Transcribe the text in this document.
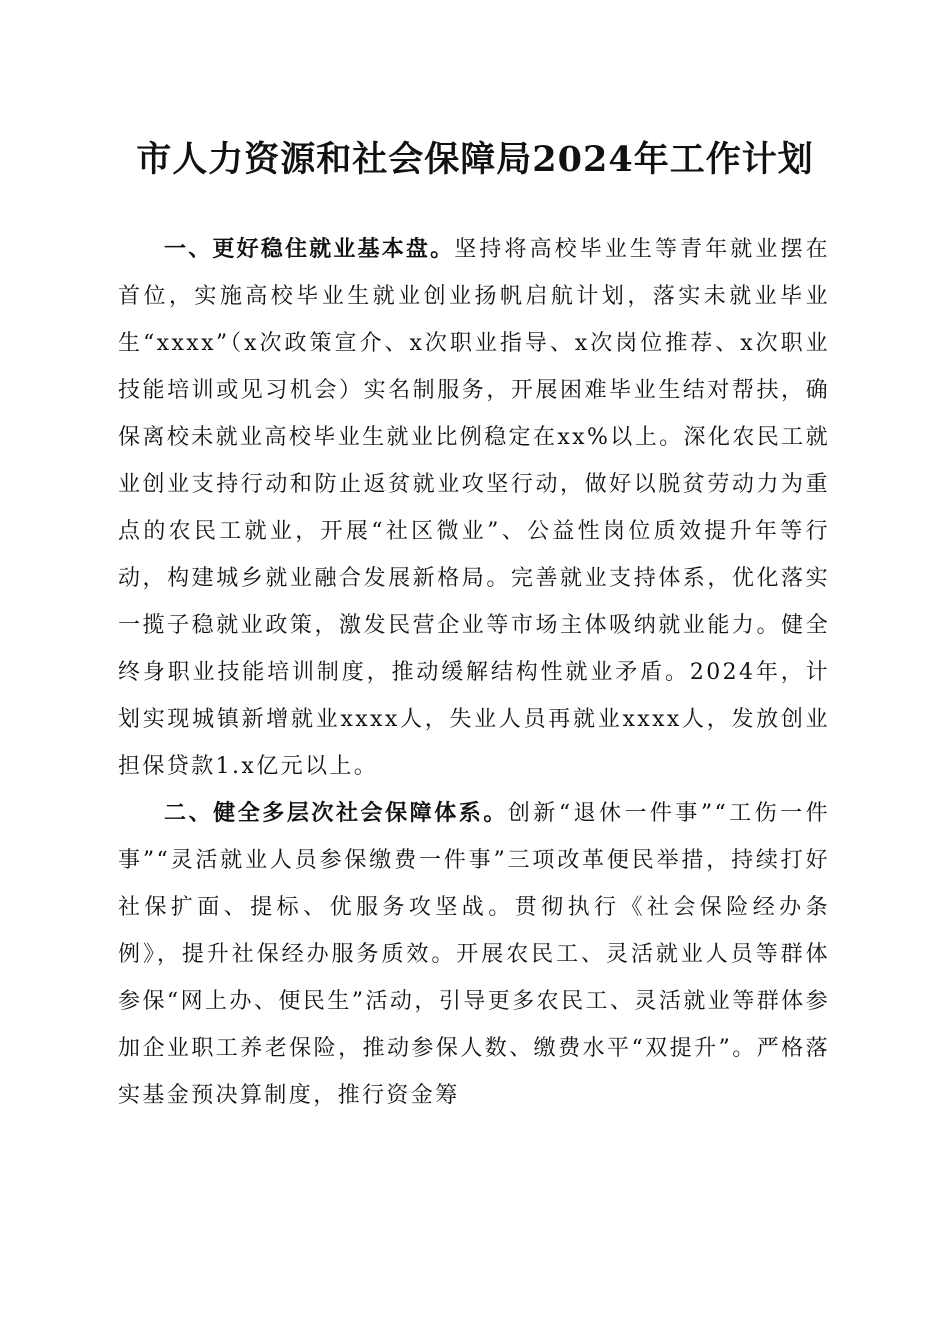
市人力资源和社会保障局2024年工作计划

一、更好稳住就业基本盘。坚持将高校毕业生等青年就业摆在首位，实施高校毕业生就业创业扬帆启航计划，落实未就业毕业生“xxxx”（x次政策宣介、x次职业指导、x次岗位推荐、x次职业技能培训或见习机会）实名制服务，开展困难毕业生结对帮扶，确保离校未就业高校毕业生就业比例稳定在xx%以上。深化农民工就业创业支持行动和防止返贫就业攻坚行动，做好以脱贫劳动力为重点的农民工就业，开展“社区微业”、公益性岗位质效提升年等行动，构建城乡就业融合发展新格局。完善就业支持体系，优化落实一揽子稳就业政策，激发民营企业等市场主体吸纳就业能力。健全终身职业技能培训制度，推动缓解结构性就业矛盾。2024年，计划实现城镇新增就业xxxx人，失业人员再就业xxxx人，发放创业担保贷款1.x亿元以上。

二、健全多层次社会保障体系。创新“退休一件事”“工伤一件事”“灵活就业人员参保缴费一件事”三项改革便民举措，持续打好社保扩面、提标、优服务攻坚战。贯彻执行《社会保险经办条例》，提升社保经办服务质效。开展农民工、灵活就业人员等群体参保“网上办、便民生”活动，引导更多农民工、灵活就业等群体参加企业职工养老保险，推动参保人数、缴费水平“双提升”。严格落实基金预决算制度，推行资金筹
